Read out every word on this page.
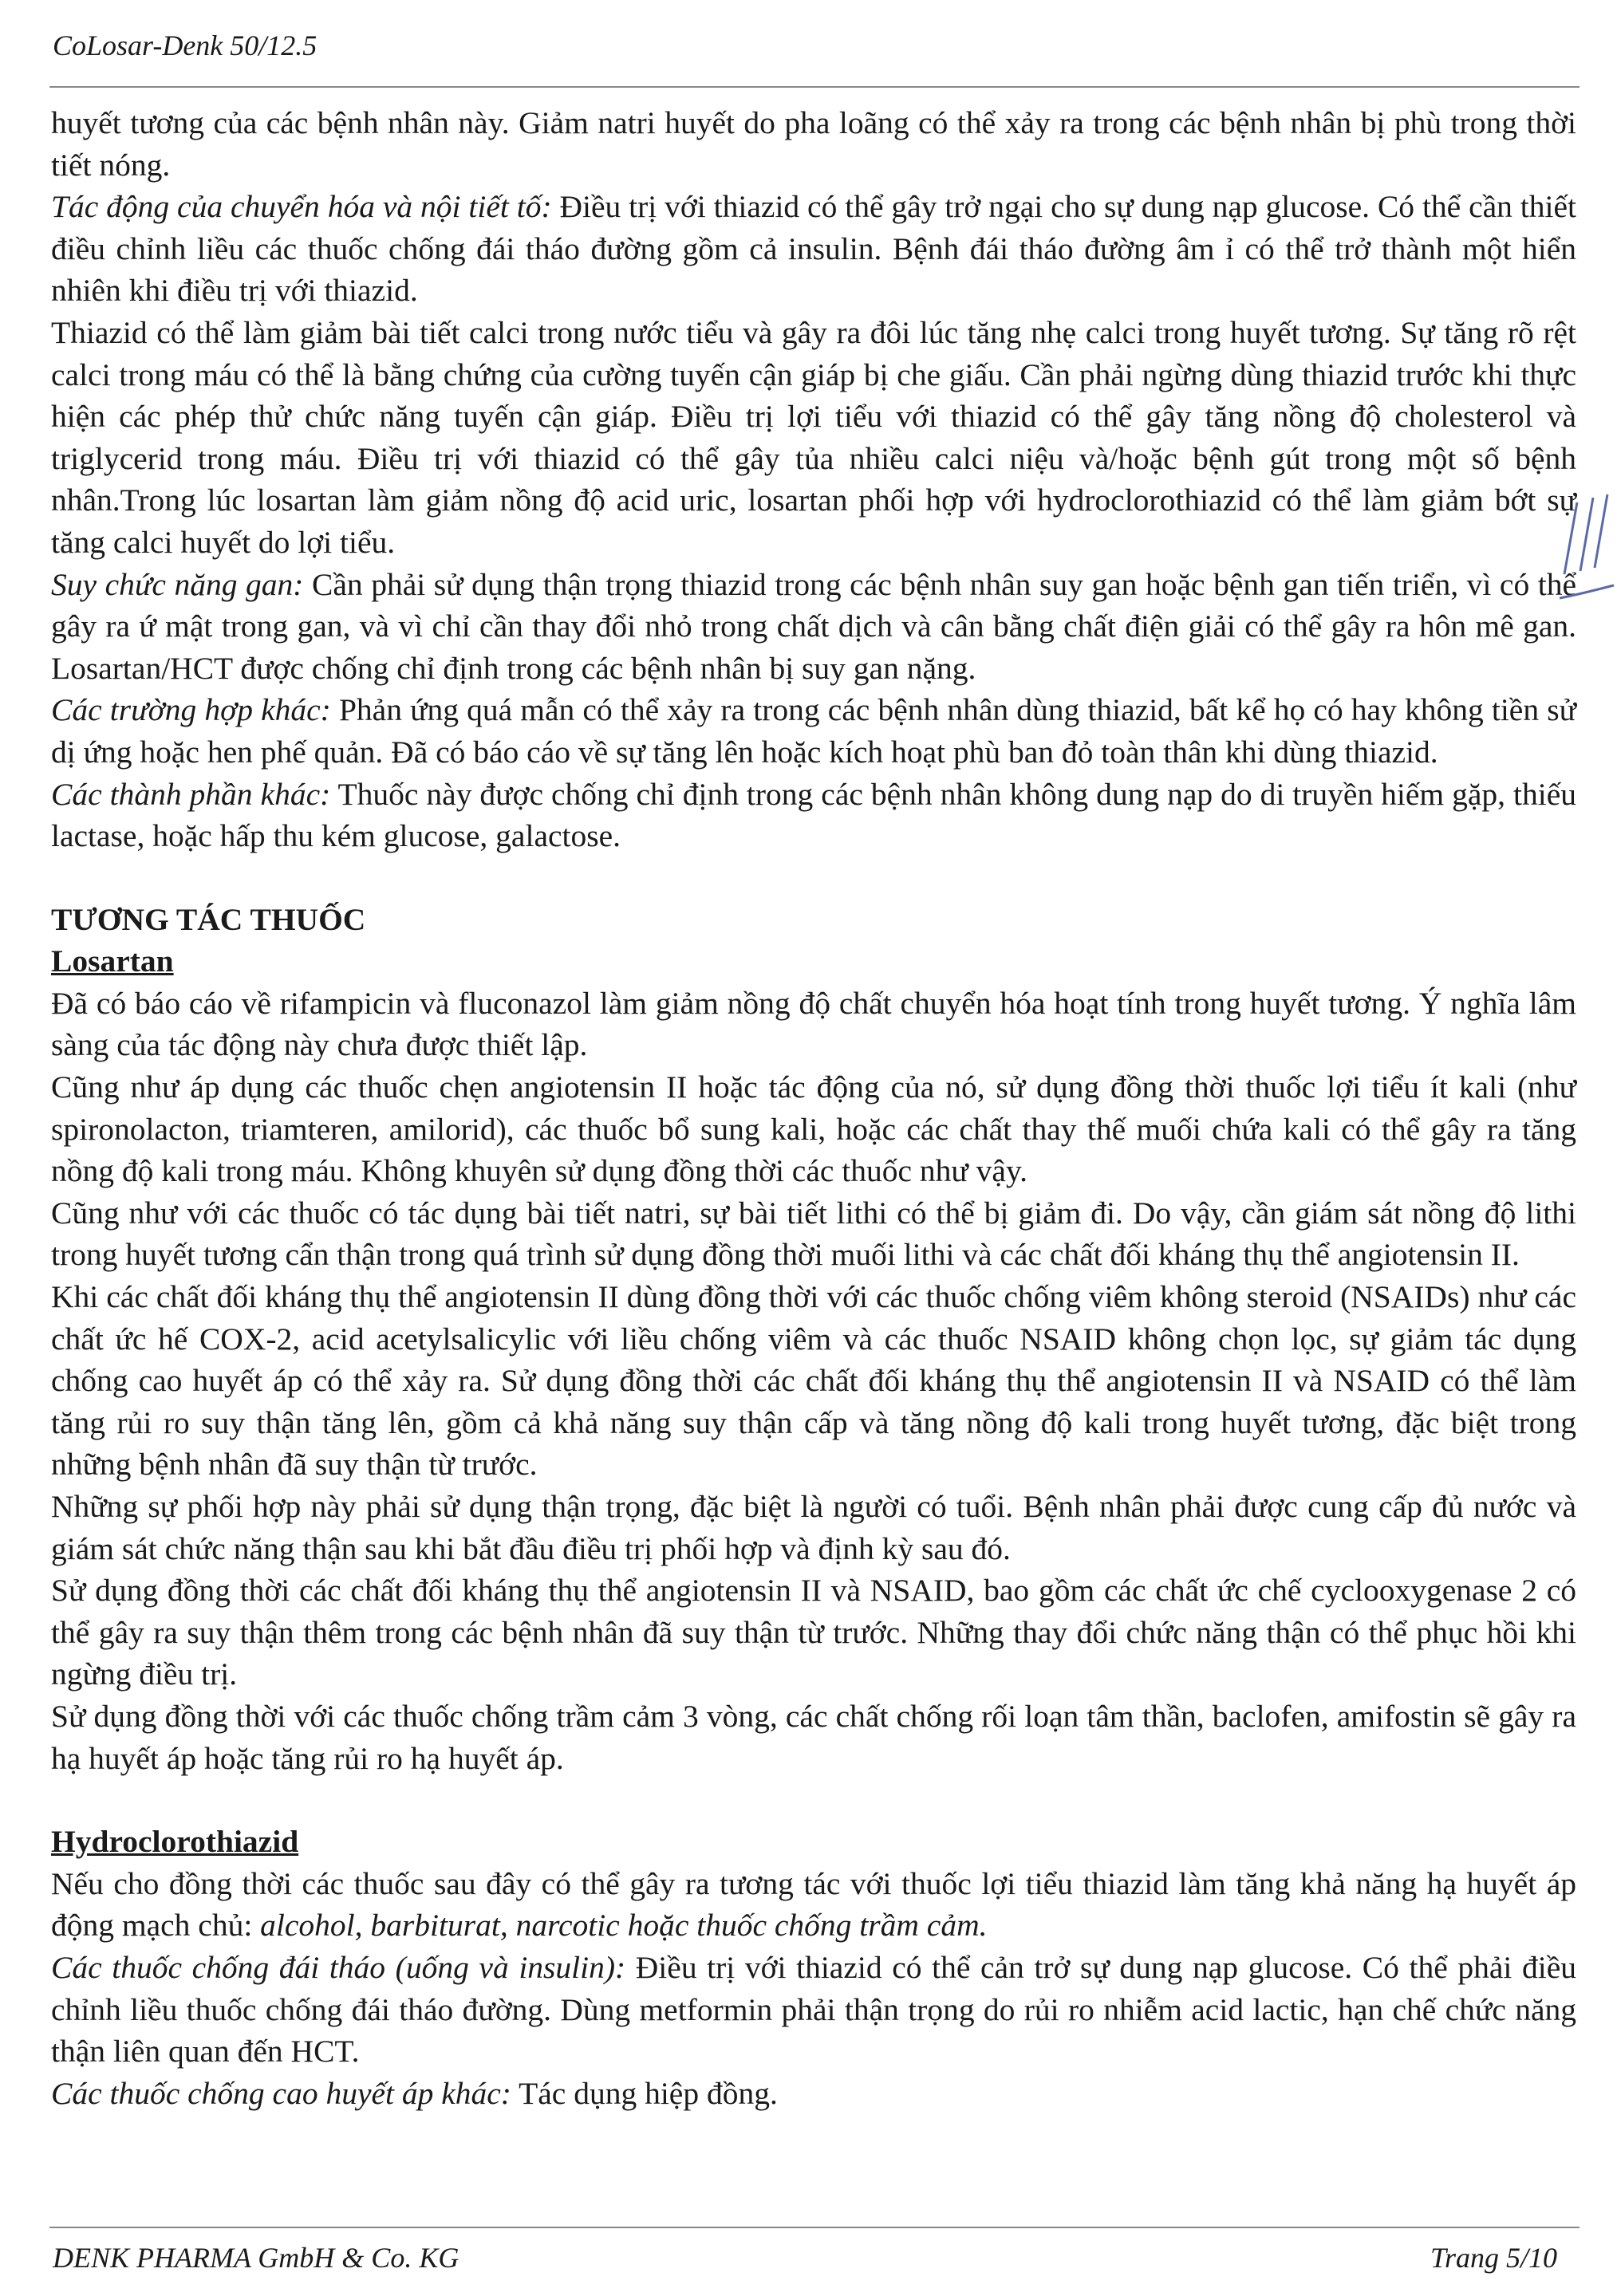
CoLosar-Denk 50/12.5

huyết tương của các bệnh nhân này. Giảm natri huyết do pha loãng có thể xảy ra trong các bệnh nhân bị phù trong thời tiết nóng.

Tác động của chuyển hóa và nội tiết tố: Điều trị với thiazid có thể gây trở ngại cho sự dung nạp glucose. Có thể cần thiết điều chỉnh liều các thuốc chống đái tháo đường gồm cả insulin. Bệnh đái tháo đường âm ỉ có thể trở thành một hiển nhiên khi điều trị với thiazid.

Thiazid có thể làm giảm bài tiết calci trong nước tiểu và gây ra đôi lúc tăng nhẹ calci trong huyết tương. Sự tăng rõ rệt calci trong máu có thể là bằng chứng của cường tuyến cận giáp bị che giấu. Cần phải ngừng dùng thiazid trước khi thực hiện các phép thử chức năng tuyến cận giáp. Điều trị lợi tiểu với thiazid có thể gây tăng nồng độ cholesterol và triglycerid trong máu. Điều trị với thiazid có thể gây tủa nhiều calci niệu và/hoặc bệnh gút trong một số bệnh nhân.Trong lúc losartan làm giảm nồng độ acid uric, losartan phối hợp với hydroclorothiazid có thể làm giảm bớt sự tăng calci huyết do lợi tiểu.

Suy chức năng gan: Cần phải sử dụng thận trọng thiazid trong các bệnh nhân suy gan hoặc bệnh gan tiến triển, vì có thể gây ra ứ mật trong gan, và vì chỉ cần thay đổi nhỏ trong chất dịch và cân bằng chất điện giải có thể gây ra hôn mê gan. Losartan/HCT được chống chỉ định trong các bệnh nhân bị suy gan nặng.

Các trường hợp khác: Phản ứng quá mẫn có thể xảy ra trong các bệnh nhân dùng thiazid, bất kể họ có hay không tiền sử dị ứng hoặc hen phế quản. Đã có báo cáo về sự tăng lên hoặc kích hoạt phù ban đỏ toàn thân khi dùng thiazid.

Các thành phần khác: Thuốc này được chống chỉ định trong các bệnh nhân không dung nạp do di truyền hiếm gặp, thiếu lactase, hoặc hấp thu kém glucose, galactose.

TƯƠNG TÁC THUỐC

Losartan

Đã có báo cáo về rifampicin và fluconazol làm giảm nồng độ chất chuyển hóa hoạt tính trong huyết tương. Ý nghĩa lâm sàng của tác động này chưa được thiết lập.

Cũng như áp dụng các thuốc chẹn angiotensin II hoặc tác động của nó, sử dụng đồng thời thuốc lợi tiểu ít kali (như spironolacton, triamteren, amilorid), các thuốc bổ sung kali, hoặc các chất thay thế muối chứa kali có thể gây ra tăng nồng độ kali trong máu. Không khuyên sử dụng đồng thời các thuốc như vậy.

Cũng như với các thuốc có tác dụng bài tiết natri, sự bài tiết lithi có thể bị giảm đi. Do vậy, cần giám sát nồng độ lithi trong huyết tương cẩn thận trong quá trình sử dụng đồng thời muối lithi và các chất đối kháng thụ thể angiotensin II.

Khi các chất đối kháng thụ thể angiotensin II dùng đồng thời với các thuốc chống viêm không steroid (NSAIDs) như các chất ức hế COX-2, acid acetylsalicylic với liều chống viêm và các thuốc NSAID không chọn lọc, sự giảm tác dụng chống cao huyết áp có thể xảy ra. Sử dụng đồng thời các chất đối kháng thụ thể angiotensin II và NSAID có thể làm tăng rủi ro suy thận tăng lên, gồm cả khả năng suy thận cấp và tăng nồng độ kali trong huyết tương, đặc biệt trong những bệnh nhân đã suy thận từ trước.

Những sự phối hợp này phải sử dụng thận trọng, đặc biệt là người có tuổi. Bệnh nhân phải được cung cấp đủ nước và giám sát chức năng thận sau khi bắt đầu điều trị phối hợp và định kỳ sau đó.

Sử dụng đồng thời các chất đối kháng thụ thể angiotensin II và NSAID, bao gồm các chất ức chế cyclooxygenase 2 có thể gây ra suy thận thêm trong các bệnh nhân đã suy thận từ trước. Những thay đổi chức năng thận có thể phục hồi khi ngừng điều trị.

Sử dụng đồng thời với các thuốc chống trầm cảm 3 vòng, các chất chống rối loạn tâm thần, baclofen, amifostin sẽ gây ra hạ huyết áp hoặc tăng rủi ro hạ huyết áp.

Hydroclorothiazid

Nếu cho đồng thời các thuốc sau đây có thể gây ra tương tác với thuốc lợi tiểu thiazid làm tăng khả năng hạ huyết áp động mạch chủ: alcohol, barbiturat, narcotic hoặc thuốc chống trầm cảm.

Các thuốc chống đái tháo (uống và insulin): Điều trị với thiazid có thể cản trở sự dung nạp glucose. Có thể phải điều chỉnh liều thuốc chống đái tháo đường. Dùng metformin phải thận trọng do rủi ro nhiễm acid lactic, hạn chế chức năng thận liên quan đến HCT.

Các thuốc chống cao huyết áp khác: Tác dụng hiệp đồng.

DENK PHARMA GmbH & Co. KG	Trang 5/10
